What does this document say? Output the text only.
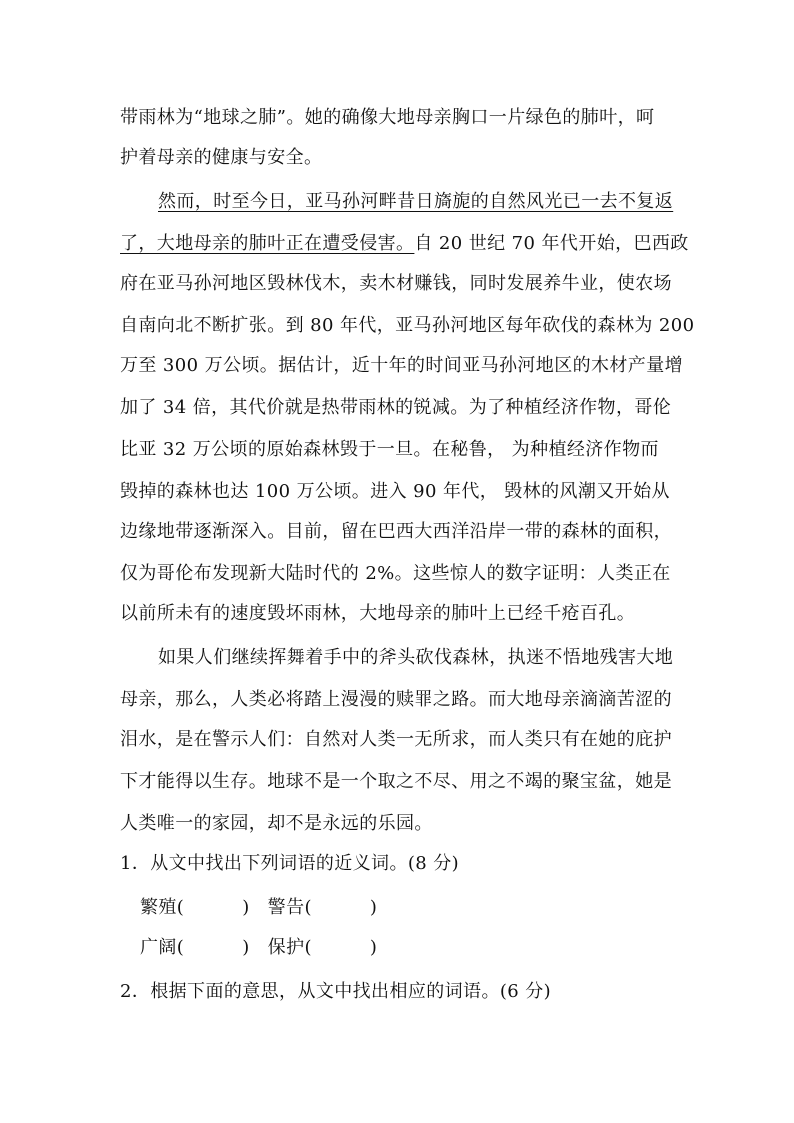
带雨林为“地球之肺”。她的确像大地母亲胸口一片绿色的肺叶，呵
护着母亲的健康与安全。
然而，时至今日，亚马孙河畔昔日旖旎的自然风光已一去不复返
了，大地母亲的肺叶正在遭受侵害。自 20 世纪 70 年代开始，巴西政
府在亚马孙河地区毁林伐木，卖木材赚钱，同时发展养牛业，使农场
自南向北不断扩张。到 80 年代，亚马孙河地区每年砍伐的森林为 200
万至 300 万公顷。据估计，近十年的时间亚马孙河地区的木材产量增
加了 34 倍，其代价就是热带雨林的锐减。为了种植经济作物，哥伦
比亚 32 万公顷的原始森林毁于一旦。在秘鲁， 为种植经济作物而
毁掉的森林也达 100 万公顷。进入 90 年代， 毁林的风潮又开始从
边缘地带逐渐深入。目前，留在巴西大西洋沿岸一带的森林的面积，
仅为哥伦布发现新大陆时代的 2%。这些惊人的数字证明：人类正在
以前所未有的速度毁坏雨林，大地母亲的肺叶上已经千疮百孔。
如果人们继续挥舞着手中的斧头砍伐森林，执迷不悟地残害大地
母亲，那么，人类必将踏上漫漫的赎罪之路。而大地母亲滴滴苦涩的
泪水，是在警示人们：自然对人类一无所求，而人类只有在她的庇护
下才能得以生存。地球不是一个取之不尽、用之不竭的聚宝盆，她是
人类唯一的家园，却不是永远的乐园。
1．从文中找出下列词语的近义词。(8 分)
繁殖(	) 警告(	)
广阔(	) 保护(	)
2．根据下面的意思，从文中找出相应的词语。(6 分)
